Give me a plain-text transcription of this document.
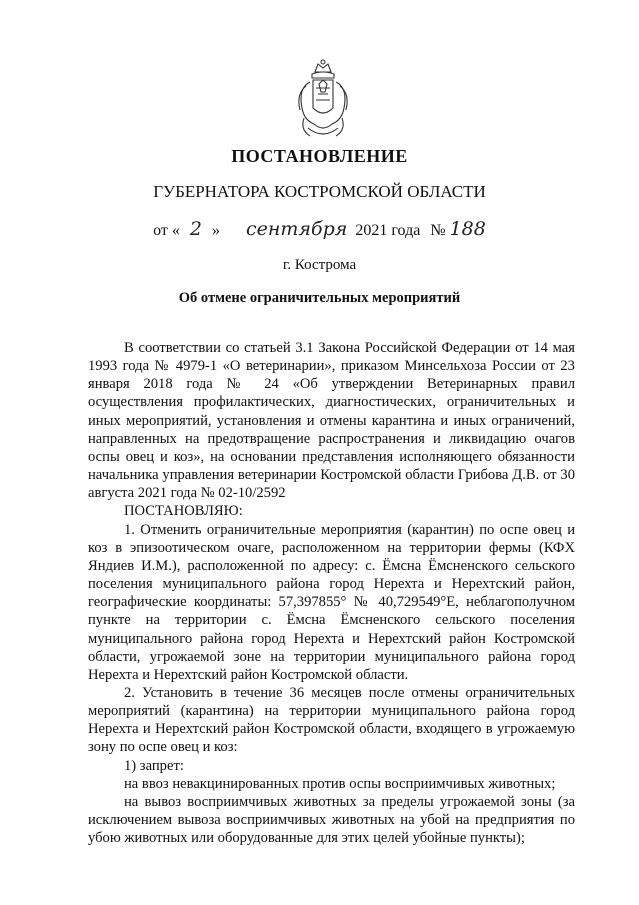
ПОСТАНОВЛЕНИЕ
ГУБЕРНАТОРА КОСТРОМСКОЙ ОБЛАСТИ
от « 2 » сентября 2021 года № 188
г. Кострома
Об отмене ограничительных мероприятий

В соответствии со статьей 3.1 Закона Российской Федерации от 14 мая 1993 года № 4979-1 «О ветеринарии», приказом Минсельхоза России от 23 января 2018 года № 24 «Об утверждении Ветеринарных правил осуществления профилактических, диагностических, ограничительных и иных мероприятий, установления и отмены карантина и иных ограничений, направленных на предотвращение распространения и ликвидацию очагов оспы овец и коз», на основании представления исполняющего обязанности начальника управления ветеринарии Костромской области Грибова Д.В. от 30 августа 2021 года № 02-10/2592

ПОСТАНОВЛЯЮ:

1. Отменить ограничительные мероприятия (карантин) по оспе овец и коз в эпизоотическом очаге, расположенном на территории фермы (КФХ Яндиев И.М.), расположенной по адресу: с. Ёмсна Ёмсненского сельского поселения муниципального района город Нерехта и Нерехтский район, географические координаты: 57,397855° № 40,729549°E, неблагополучном пункте на территории с. Ёмсна Ёмсненского сельского поселения муниципального района город Нерехта и Нерехтский район Костромской области, угрожаемой зоне на территории муниципального района город Нерехта и Нерехтский район Костромской области.

2. Установить в течение 36 месяцев после отмены ограничительных мероприятий (карантина) на территории муниципального района город Нерехта и Нерехтский район Костромской области, входящего в угрожаемую зону по оспе овец и коз:

1) запрет:

на ввоз невакцинированных против оспы восприимчивых животных;

на вывоз восприимчивых животных за пределы угрожаемой зоны (за исключением вывоза восприимчивых животных на убой на предприятия по убою животных или оборудованные для этих целей убойные пункты);
